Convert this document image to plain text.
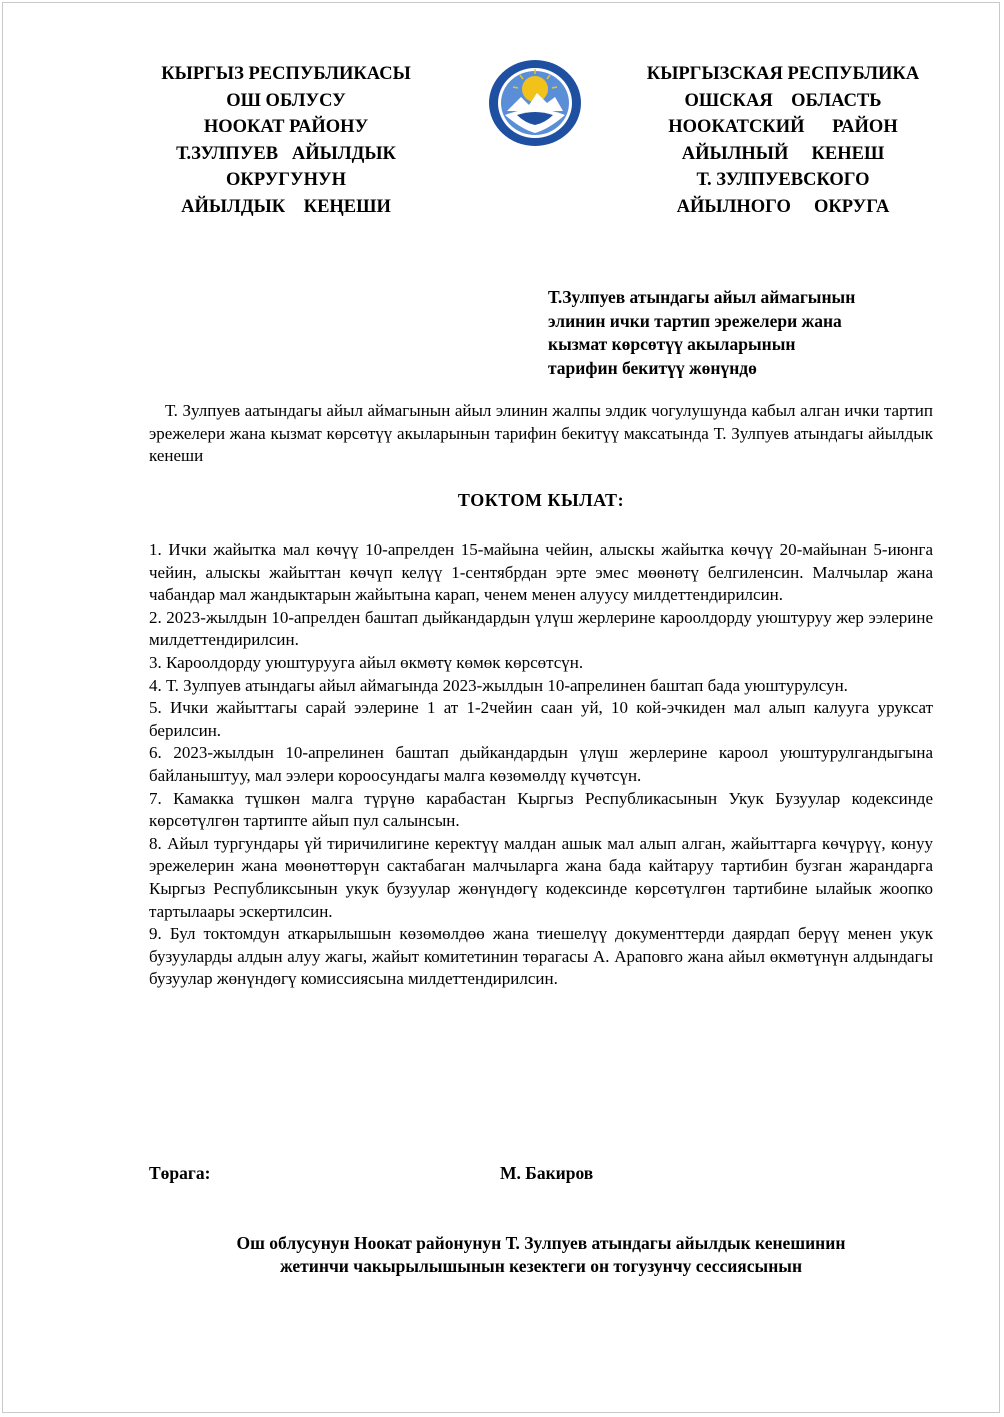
КЫРГЫЗ РЕСПУБЛИКАСЫ
ОШ ОБЛУСУ
НООКАТ РАЙОНУ
Т.ЗУЛПУЕВ   АЙЫЛДЫК
ОКРУГУНУН
АЙЫЛДЫК    КЕҢЕШИ
КЫРГЫЗСКАЯ РЕСПУБЛИКА
ОШСКАЯ    ОБЛАСТЬ
НООКАТСКИЙ      РАЙОН
АЙЫЛНЫЙ     КЕНЕШ
Т. ЗУЛПУЕВСКОГО
АЙЫЛНОГО     ОКРУГА
Т.Зулпуев атындагы айыл аймагынын
элинин ички тартип эрежелери жана
кызмат көрсөтүү акыларынын
тарифин бекитүү жөнүндө
Т. Зулпуев аатындагы айыл аймагынын айыл элинин жалпы элдик чогулушунда кабыл алган ички тартип эрежелери жана кызмат көрсөтүү акыларынын тарифин бекитүү максатында Т. Зулпуев атындагы айылдык кенеши
ТОКТОМ КЫЛАТ:

1. Ички жайытка мал көчүү 10-апрелден 15-майына чейин, алыскы жайытка көчүү 20-майынан 5-июнга чейин, алыскы жайыттан көчүп келүү 1-сентябрдан эрте эмес мөөнөтү белгиленсин. Малчылар жана чабандар мал жандыктарын жайытына карап, ченем менен алуусу милдеттендирилсин.

2. 2023-жылдын 10-апрелден баштап дыйкандардын үлүш жерлерине кароолдорду уюштуруу жер ээлерине милдеттендирилсин.

3. Кароолдорду уюштурууга айыл өкмөтү көмөк көрсөтсүн.

4. Т. Зулпуев атындагы айыл аймагында 2023-жылдын 10-апрелинен баштап бада уюштурулсун.

5. Ички жайыттагы сарай ээлерине 1 ат 1-2чейин саан уй, 10 кой-эчкиден мал алып калууга уруксат берилсин.

6. 2023-жылдын 10-апрелинен баштап дыйкандардын үлүш жерлерине кароол уюштурулгандыгына байланыштуу, мал ээлери короосундагы малга көзөмөлдү күчөтсүн.

7. Камакка түшкөн малга түрүнө карабастан Кыргыз Республикасынын Укук Бузуулар кодексинде көрсөтүлгөн тартипте айып пул салынсын.

8. Айыл тургундары үй тиричилигине керектүү малдан ашык мал алып алган, жайыттарга көчүрүү, конуу эрежелерин жана мөөнөттөрүн сактабаган малчыларга жана бада кайтаруу тартибин бузган жарандарга Кыргыз Республиксынын укук бузуулар жөнүндөгү кодексинде көрсөтүлгөн тартибине ылайык жоопко тартылаары эскертилсин.

9. Бул токтомдун аткарылышын көзөмөлдөө жана тиешелүү документтерди даярдап берүү менен укук бузууларды алдын алуу жагы, жайыт комитетинин төрагасы А. Араповго жана айыл өкмөтүнүн алдындагы бузуулар жөнүндөгү комиссиясына милдеттендирилсин.

Төрага:	М. Бакиров
Ош облусунун Ноокат районунун Т. Зулпуев атындагы айылдык кенешинин
жетинчи чакырылышынын кезектеги он тогузунчу сессиясынын
